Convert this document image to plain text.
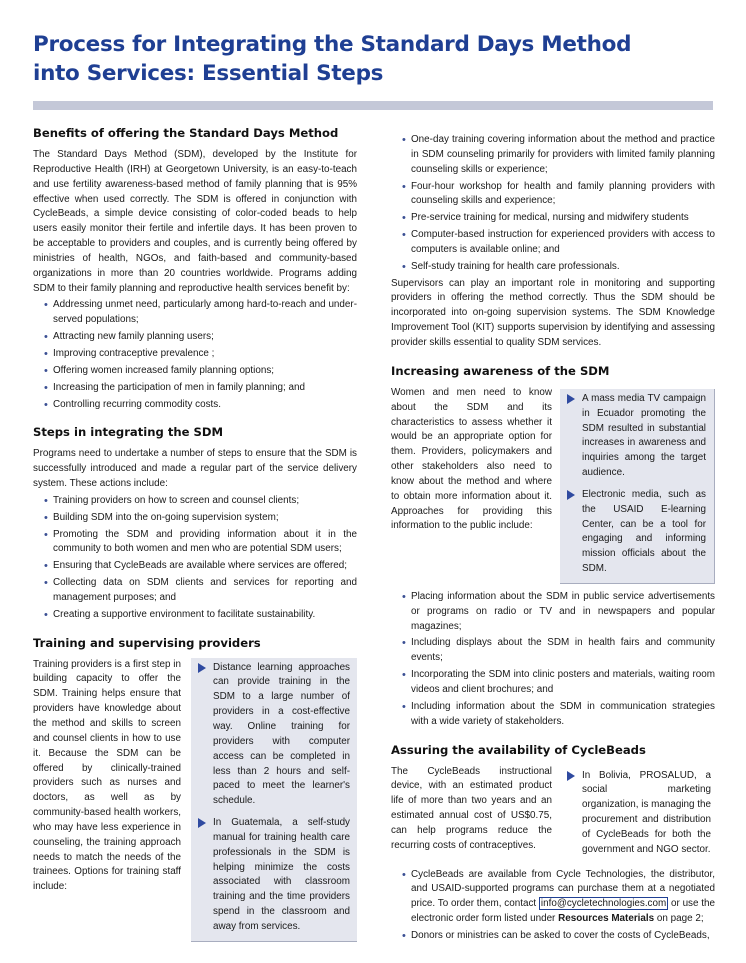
Process for Integrating the Standard Days Method
into Services: Essential Steps
Benefits of offering the Standard Days Method

The Standard Days Method (SDM), developed by the Institute for Reproductive Health (IRH) at Georgetown University, is an easy-to-teach and use fertility awareness-based method of family planning that is 95% effective when used correctly. The SDM is offered in conjunction with CycleBeads, a simple device consisting of color-coded beads to help users easily monitor their fertile and infertile days. It has been proven to be acceptable to providers and couples, and is currently being offered by ministries of health, NGOs, and faith-based and community-based organizations in more than 20 countries worldwide. Programs adding SDM to their family planning and reproductive health services benefit by:

• Addressing unmet need, particularly among hard-to-reach and under-served populations;
• Attracting new family planning users;
• Improving contraceptive prevalence ;
• Offering women increased family planning options;
• Increasing the participation of men in family planning; and
• Controlling recurring commodity costs.
Steps in integrating the SDM

Programs need to undertake a number of steps to ensure that the SDM is successfully introduced and made a regular part of the service delivery system. These actions include:

• Training providers on how to screen and counsel clients;
• Building SDM into the on-going supervision system;
• Promoting the SDM and providing information about it in the community to both women and men who are potential SDM users;
• Ensuring that CycleBeads are available where services are offered;
• Collecting data on SDM clients and services for reporting and management purposes; and
• Creating a supportive environment to facilitate sustainability.
Training and supervising providers
Distance learning approaches can provide training in the SDM to a large number of providers in a cost-effective way. Online training for providers with computer access can be completed in less than 2 hours and self-paced to meet the learner's schedule.
In Guatemala, a self-study manual for training health care professionals in the SDM is helping minimize the costs associated with classroom training and the time providers spend in the classroom and away from services.

Training providers is a first step in building capacity to offer the SDM. Training helps ensure that providers have knowledge about the method and skills to screen and counsel clients in how to use it. Because the SDM can be offered by clinically-trained providers such as nurses and doctors, as well as by community-based health workers, who may have less experience in counseling, the training approach needs to match the needs of the trainees. Options for training staff include:

• One-day training covering information about the method and practice in SDM counseling primarily for providers with limited family planning counseling skills or experience;
• Four-hour workshop for health and family planning providers with counseling skills and experience;
• Pre-service training for medical, nursing and midwifery students
• Computer-based instruction for experienced providers with access to computers is available online; and
• Self-study training for health care professionals.

Supervisors can play an important role in monitoring and supporting providers in offering the method correctly. Thus the SDM should be incorporated into on-going supervision systems. The SDM Knowledge Improvement Tool (KIT) supports supervision by identifying and assessing provider skills essential to quality SDM services.

Increasing awareness of the SDM
A mass media TV campaign in Ecuador promoting the SDM resulted in substantial increases in awareness and inquiries among the target audience.
Electronic media, such as the USAID E-learning Center, can be a tool for engaging and informing mission officials about the SDM.

Women and men need to know about the SDM and its characteristics to assess whether it would be an appropriate option for them. Providers, policymakers and other stakeholders also need to know about the method and where to obtain more information about it. Approaches for providing this information to the public include:

• Placing information about the SDM in public service advertisements or programs on radio or TV and in newspapers and popular magazines;
• Including displays about the SDM in health fairs and community events;
• Incorporating the SDM into clinic posters and materials, waiting room videos and client brochures; and
• Including information about the SDM in communication strategies with a wide variety of stakeholders.
Assuring the availability of CycleBeads
In Bolivia, PROSALUD, a social marketing organization, is managing the procurement and distribution of CycleBeads for both the government and NGO sector.

The CycleBeads instructional device, with an estimated product life of more than two years and an estimated annual cost of US$0.75, can help programs reduce the recurring costs of contraceptives.

• CycleBeads are available from Cycle Technologies, the distributor, and USAID-supported programs can purchase them at a negotiated price. To order them, contact info@cycletechnologies.com or use the electronic order form listed under Resources Materials on page 2;
• Donors or ministries can be asked to cover the costs of CycleBeads,
